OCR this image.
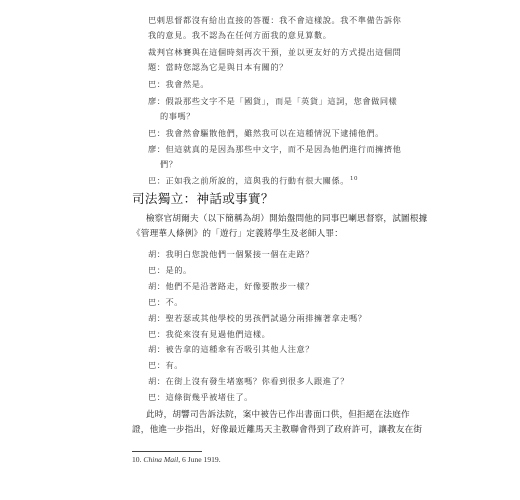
巴剌思督都沒有給出直接的答覆：我不會這樣說。我不準備告訴你
我的意見。我不認為在任何方面我的意見算數。
裁判官林賽與在這個時刻再次干預，並以更友好的方式提出這個問
題：當時您認為它是與日本有關的？
巴：我會然是。
廖：假設那些文字不是「國貨」，而是「英貨」這詞，您會做同樣
的事嗎？
巴：我會然會驅散他們，雖然我可以在這種情況下逮捕他們。
廖：但這就真的是因為那些中文字，而不是因為他們進行而擁擠他
們？
巴：正如我之前所說的，這與我的行動有很大關係。$^{10}$
司法獨立：神話或事實？
檢察官胡爾夫（以下簡稱為胡）開始盤問他的同事巴喇思督察，試圖根據
《管理華人條例》的「遊行」定義將學生及老師人罪：
胡：我明白您說他們一個緊接一個在走路？
巴：是的。
胡：他們不是沿著路走，好像要散步一樣？
巴：不。
胡：聖若瑟或其他學校的男孩們試過分兩排擁著拿走嗎？
巴：我從來沒有見過他們這樣。
胡：被告拿的這種傘有否吸引其他人注意？
巴：有。
胡：在街上沒有發生堵塞嗎？你看到很多人跟進了？
巴：這條街幾乎被堵住了。
此時，胡響司告訴法院，案中被告已作出書面口供，但拒絕在法庭作
證，他進一步指出，好像最近離馬天主教聯會得到了政府許可，讓教友在街
10. China Mail, 6 June 1919.
